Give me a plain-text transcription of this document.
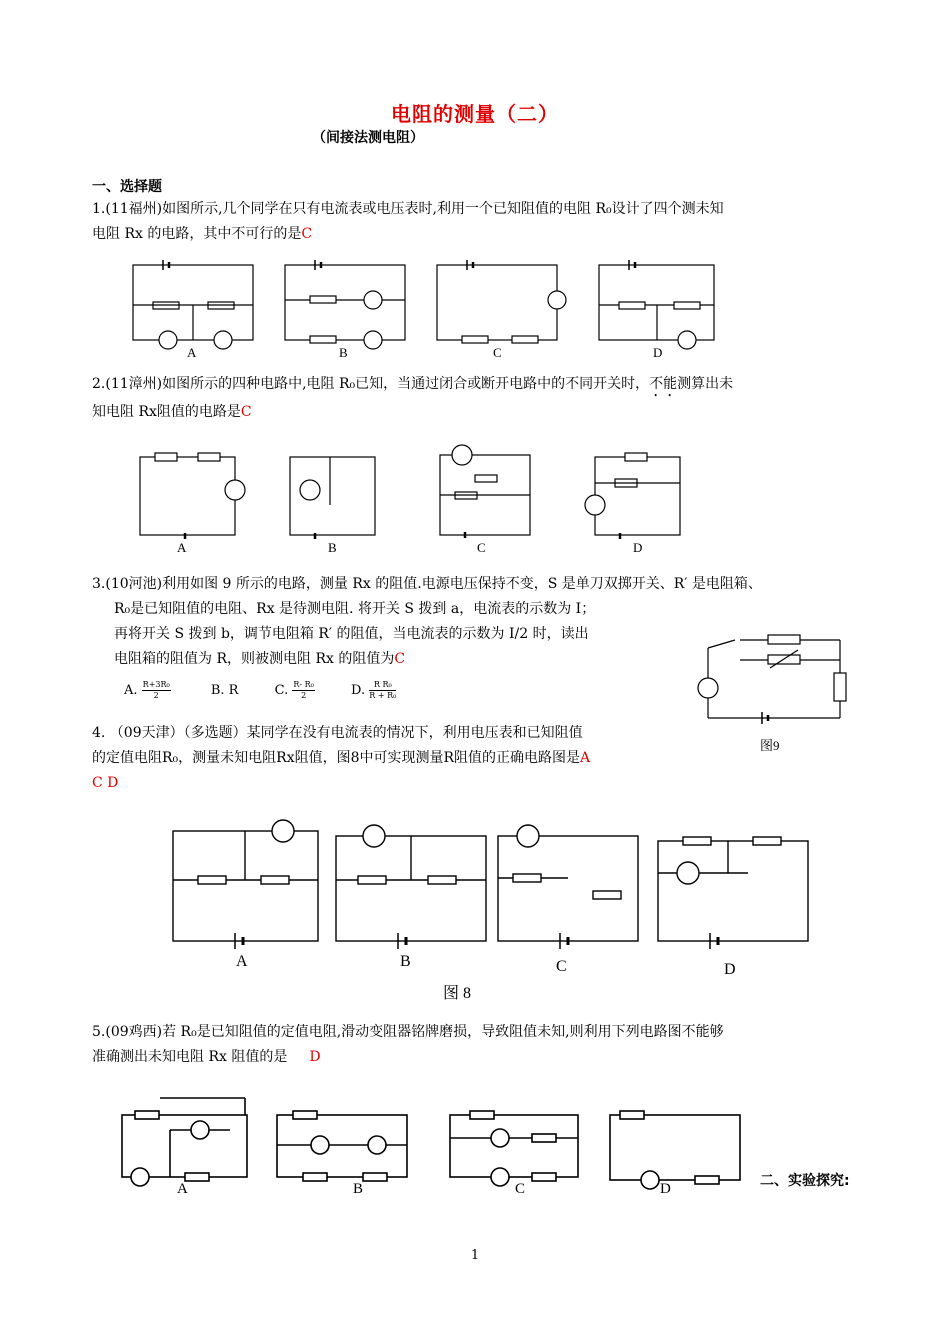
电阻的测量（二）
（间接法测电阻）
一、选择题
1.(11福州)如图所示,几个同学在只有电流表或电压表时,利用一个已知阻值的电阻 R₀设计了四个测未知
电阻 Rx 的电路，其中不可行的是C
A	B	C	D
2.(11漳州)如图所示的四种电路中,电阻 R₀已知，当通过闭合或断开电路中的不同开关时，不能测算出未
知电阻 Rx阻值的电路是C
A	B	C	D
3.(10河池)利用如图 9 所示的电路，测量 Rx 的阻值.电源电压保持不变，S 是单刀双掷开关、R′ 是电阻箱、
R₀是已知阻值的电阻、Rx 是待测电阻. 将开关 S 拨到 a，电流表的示数为 I；
再将开关 S 拨到 b，调节电阻箱 R′ 的阻值，当电流表的示数为 I/2 时，读出
电阻箱的阻值为 R，则被测电阻 Rx 的阻值为C
A. $\frac{\text{R+3R₀}}{2}$	B. R	C. $\frac{\text{R- R₀}}{2}$	D. $\frac{\text{R R₀}}{\text{R + R₀}}$
图9
4. （09天津）（多选题）某同学在没有电流表的情况下，利用电压表和已知阻值
的定值电阻R₀，测量未知电阻Rx阻值，图8中可实现测量R阻值的正确电路图是A
C D
A	B	C	D
图 8
5.(09鸡西)若 R₀是已知阻值的定值电阻,滑动变阻器铭牌磨损，导致阻值未知,则利用下列电路图不能够
准确测出未知电阻 Rx 阻值的是 D
A	B	C	D	二、实验探究:
1
